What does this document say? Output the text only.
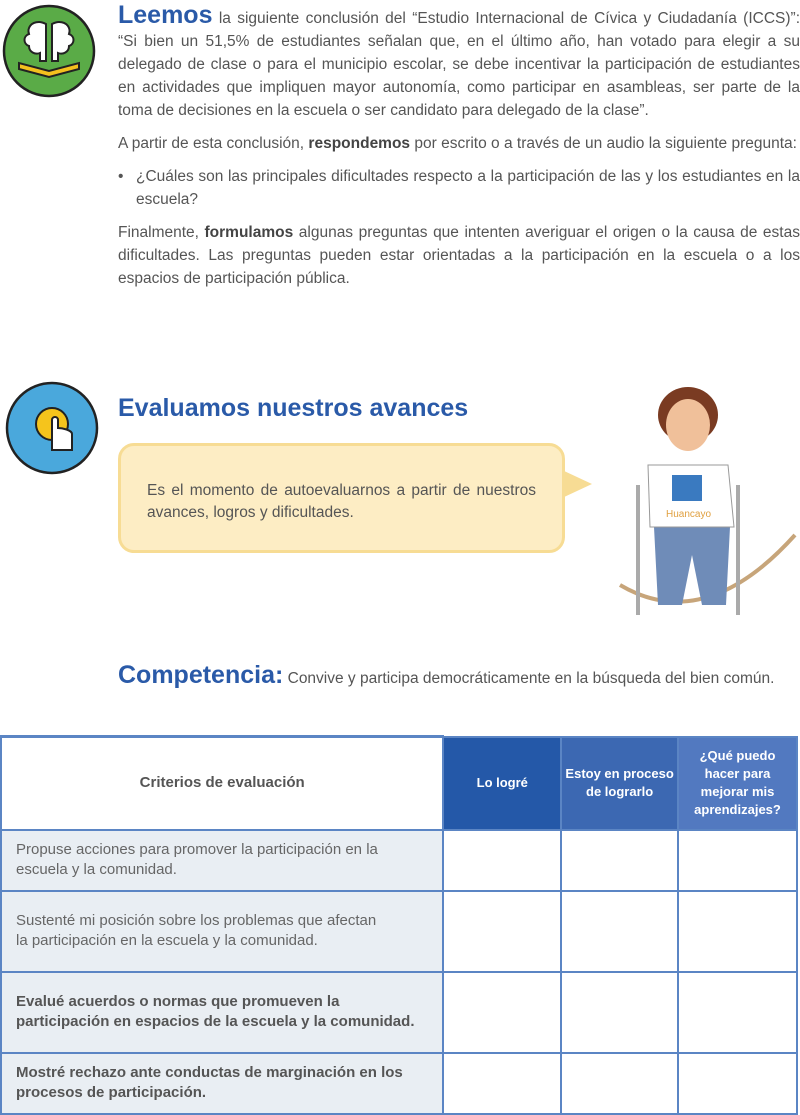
Leemos la siguiente conclusión del “Estudio Internacional de Cívica y Ciudadanía (ICCS)”: “Si bien un 51,5% de estudiantes señalan que, en el último año, han votado para elegir a su delegado de clase o para el municipio escolar, se debe incentivar la participación de estudiantes en actividades que impliquen mayor autonomía, como participar en asambleas, ser parte de la toma de decisiones en la escuela o ser candidato para delegado de la clase”.

A partir de esta conclusión, respondemos por escrito o a través de un audio la siguiente pregunta:

• ¿Cuáles son las principales dificultades respecto a la participación de las y los estudiantes en la escuela?

Finalmente, formulamos algunas preguntas que intenten averiguar el origen o la causa de estas dificultades. Las preguntas pueden estar orientadas a la participación en la escuela o a los espacios de participación pública.

Evaluamos nuestros avances
Es el momento de autoevaluarnos a partir de nuestros avances, logros y dificultades.	Huancayo
Competencia: Convive y participa democráticamente en la búsqueda del bien común.
Criterios de evaluación	Lo logré	Estoy en proceso de lograrlo	¿Qué puedo hacer para mejorar mis aprendizajes?
Propuse acciones para promover la participación en la escuela y la comunidad.			
Sustenté mi posición sobre los problemas que afectan la participación en la escuela y la comunidad.			
Evalué acuerdos o normas que promueven la participación en espacios de la escuela y la comunidad.			
Mostré rechazo ante conductas de marginación en los procesos de participación.			
